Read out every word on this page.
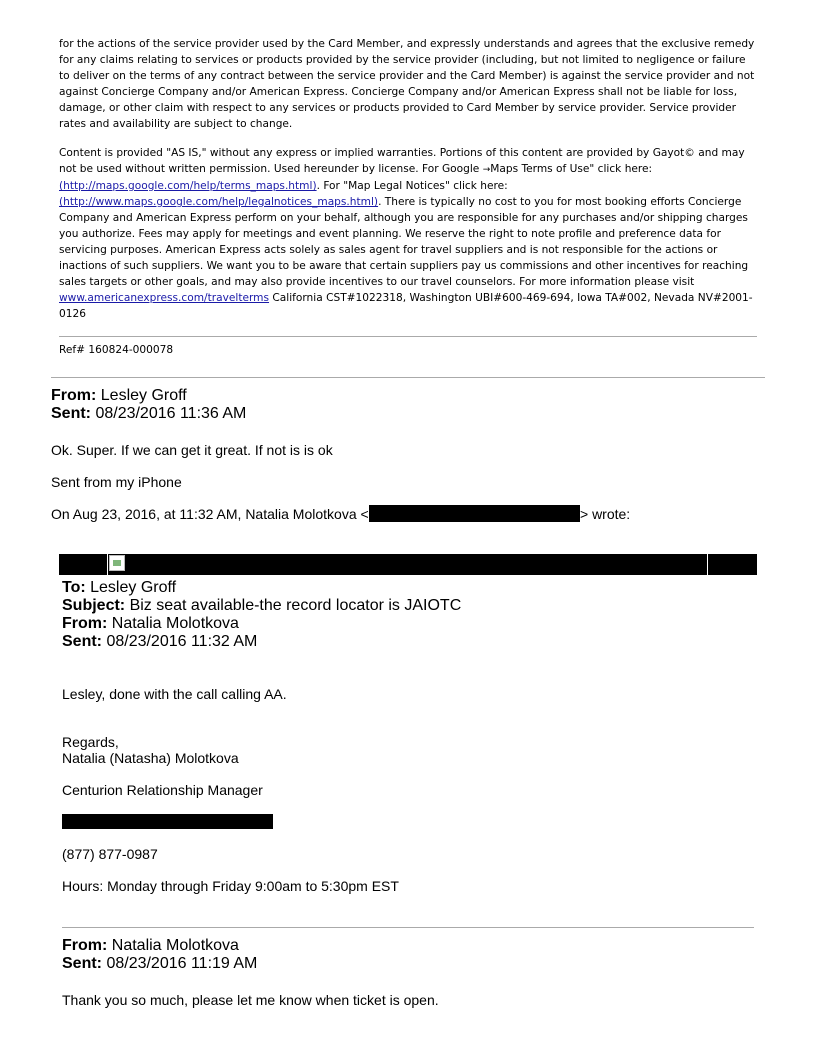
for the actions of the service provider used by the Card Member, and expressly understands and agrees that the exclusive remedy for any claims relating to services or products provided by the service provider (including, but not limited to negligence or failure to deliver on the terms of any contract between the service provider and the Card Member) is against the service provider and not against Concierge Company and/or American Express. Concierge Company and/or American Express shall not be liable for loss, damage, or other claim with respect to any services or products provided to Card Member by service provider. Service provider rates and availability are subject to change.

Content is provided "AS IS," without any express or implied warranties. Portions of this content are provided by Gayot© and may not be used without written permission. Used hereunder by license. For Google →Maps Terms of Use" click here: (http://maps.google.com/help/terms_maps.html). For "Map Legal Notices" click here: (http://www.maps.google.com/help/legalnotices_maps.html). There is typically no cost to you for most booking efforts Concierge Company and American Express perform on your behalf, although you are responsible for any purchases and/or shipping charges you authorize. Fees may apply for meetings and event planning. We reserve the right to note profile and preference data for servicing purposes. American Express acts solely as sales agent for travel suppliers and is not responsible for the actions or inactions of such suppliers. We want you to be aware that certain suppliers pay us commissions and other incentives for reaching sales targets or other goals, and may also provide incentives to our travel counselors. For more information please visit www.americanexpress.com/travelterms California CST#1022318, Washington UBI#600-469-694, Iowa TA#002, Nevada NV#2001-0126

Ref# 160824-000078
From: Lesley Groff
Sent: 08/23/2016 11:36 AM
Ok. Super. If we can get it great. If not is is ok
Sent from my iPhone
On Aug 23, 2016, at 11:32 AM, Natalia Molotkova <	> wrote:
To: Lesley Groff
Subject: Biz seat available-the record locator is JAIOTC
From: Natalia Molotkova
Sent: 08/23/2016 11:32 AM
Lesley, done with the call calling AA.
Regards,
Natalia (Natasha) Molotkova
Centurion Relationship Manager
(877) 877-0987
Hours: Monday through Friday 9:00am to 5:30pm EST
From: Natalia Molotkova
Sent: 08/23/2016 11:19 AM
Thank you so much, please let me know when ticket is open.
